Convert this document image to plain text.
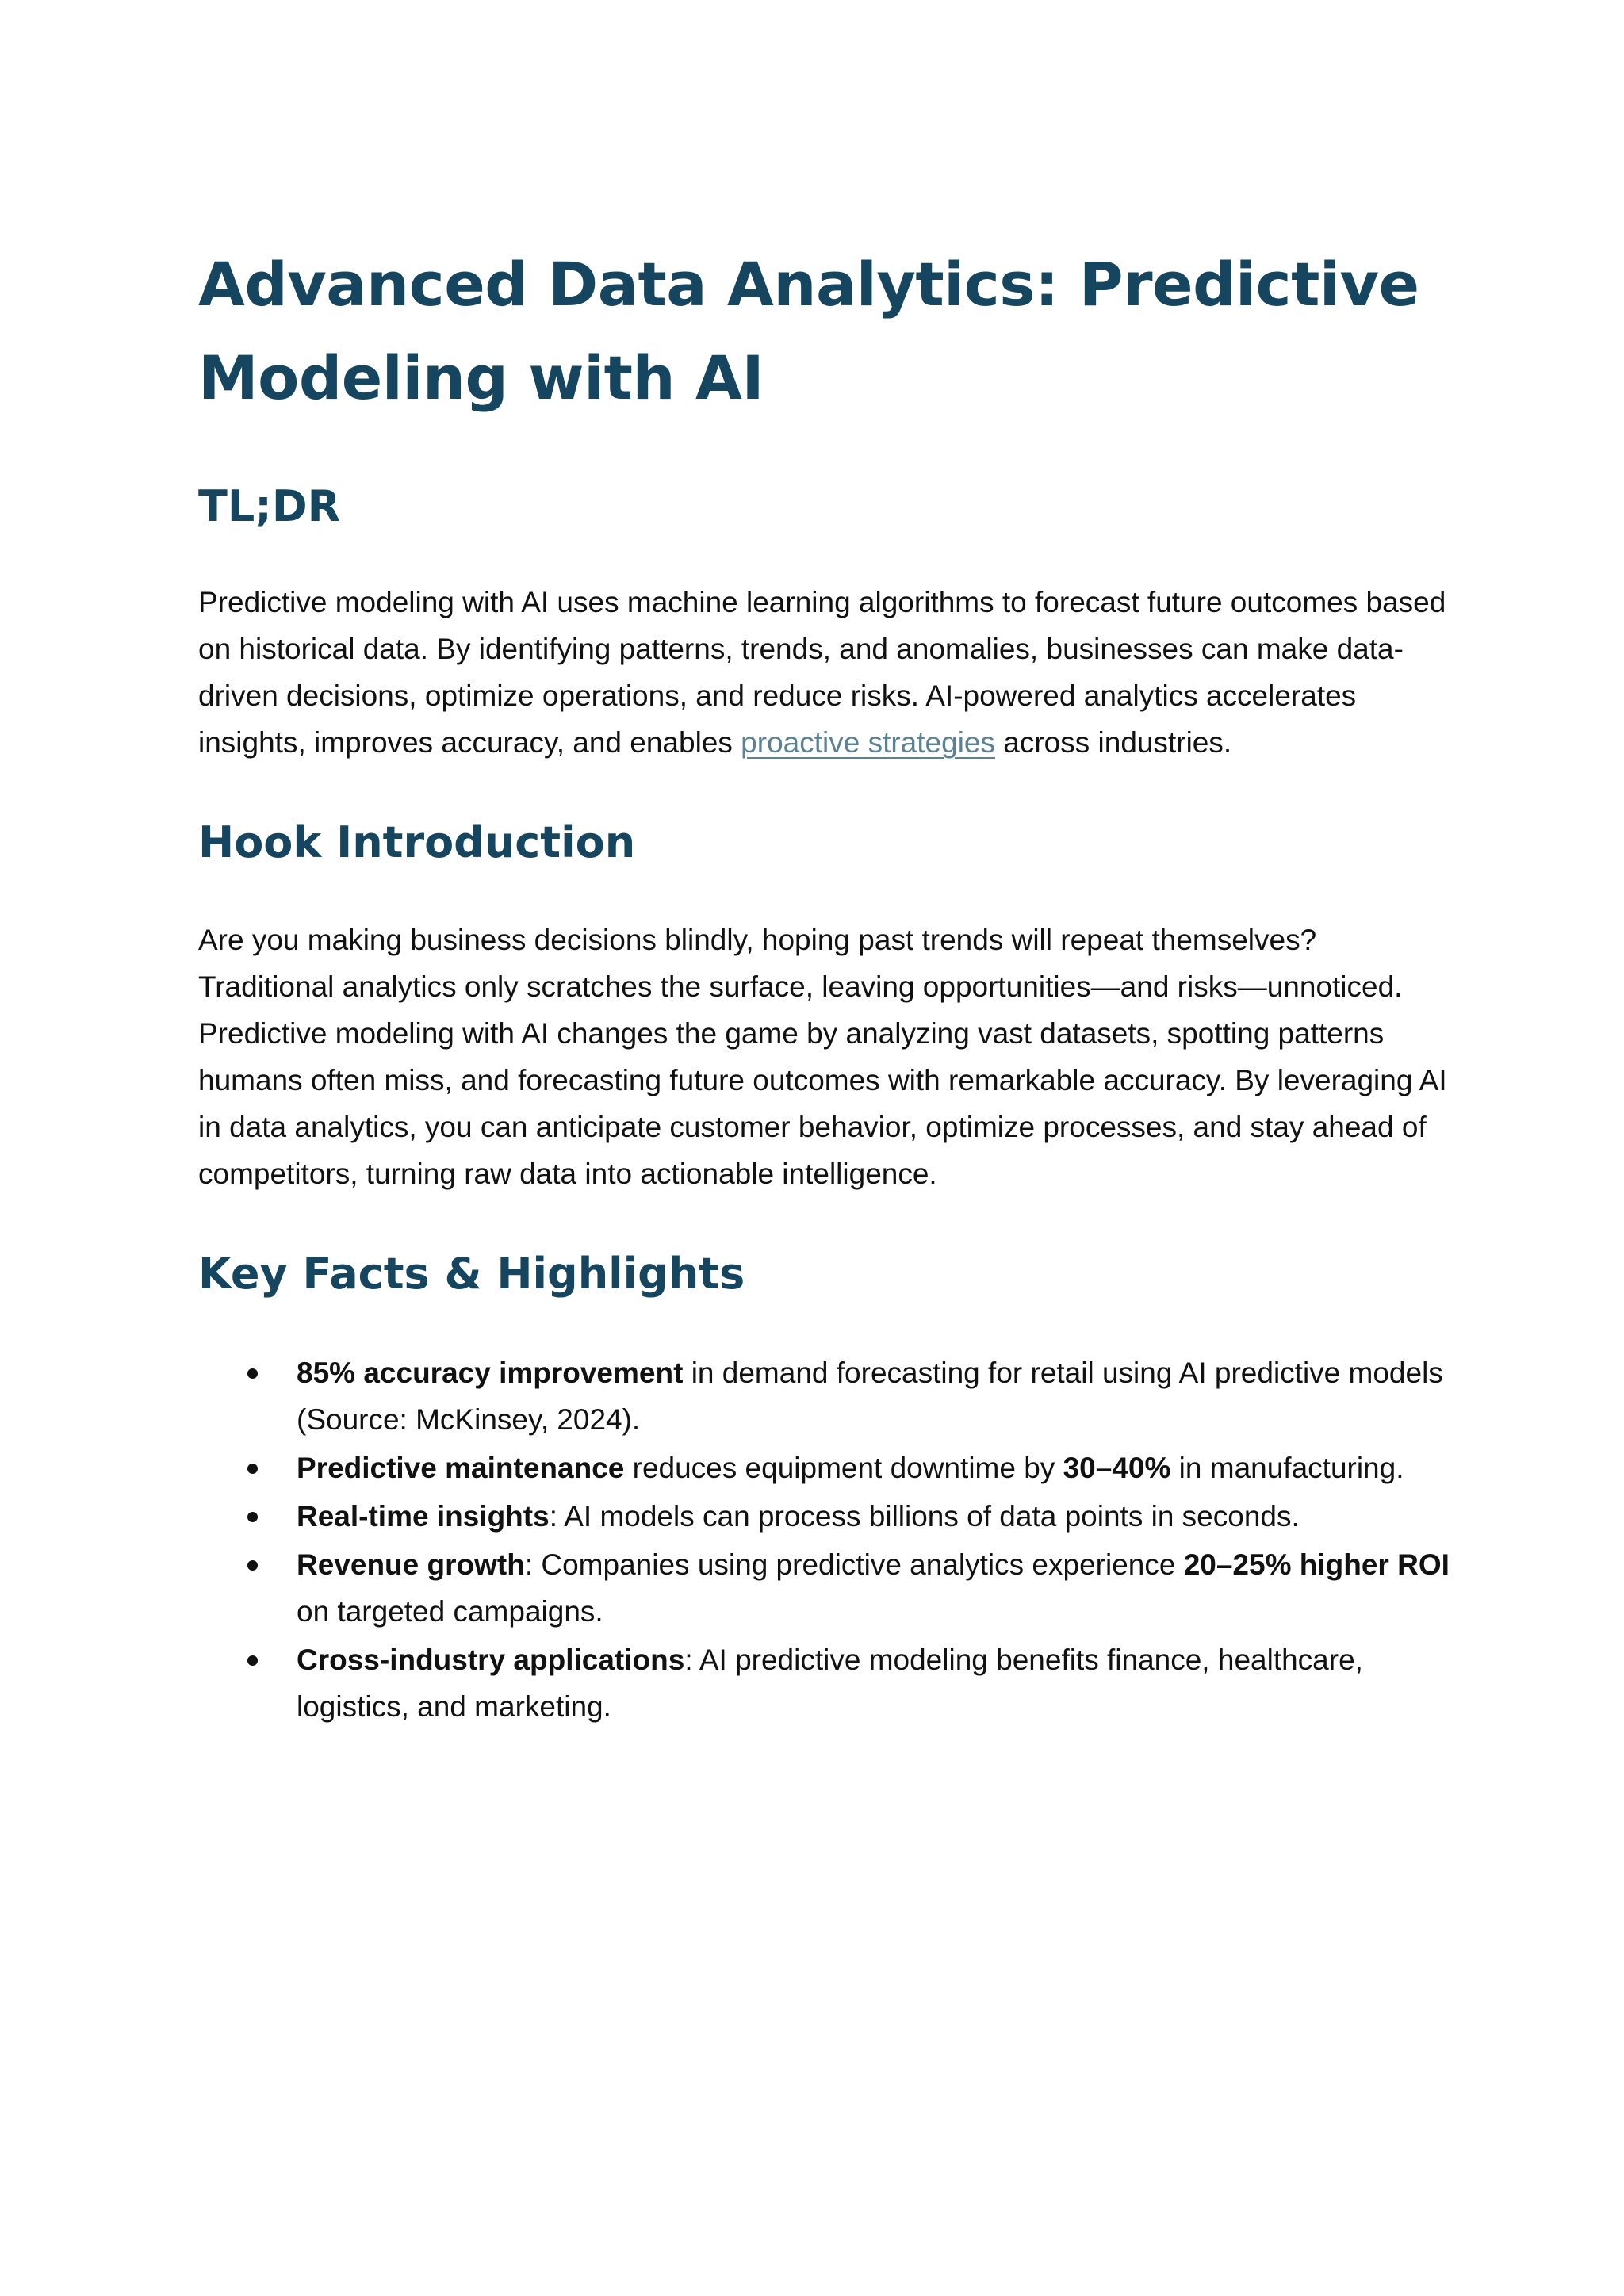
Advanced Data Analytics: Predictive Modeling with AI
TL;DR

Predictive modeling with AI uses machine learning algorithms to forecast future outcomes based on historical data. By identifying patterns, trends, and anomalies, businesses can make data-driven decisions, optimize operations, and reduce risks. AI-powered analytics accelerates insights, improves accuracy, and enables proactive strategies across industries.

Hook Introduction

Are you making business decisions blindly, hoping past trends will repeat themselves? Traditional analytics only scratches the surface, leaving opportunities—and risks—unnoticed. Predictive modeling with AI changes the game by analyzing vast datasets, spotting patterns humans often miss, and forecasting future outcomes with remarkable accuracy. By leveraging AI in data analytics, you can anticipate customer behavior, optimize processes, and stay ahead of competitors, turning raw data into actionable intelligence.

Key Facts & Highlights
85% accuracy improvement in demand forecasting for retail using AI predictive models (Source: McKinsey, 2024).
Predictive maintenance reduces equipment downtime by 30–40% in manufacturing.
Real-time insights: AI models can process billions of data points in seconds.
Revenue growth: Companies using predictive analytics experience 20–25% higher ROI on targeted campaigns.
Cross-industry applications: AI predictive modeling benefits finance, healthcare, logistics, and marketing.
